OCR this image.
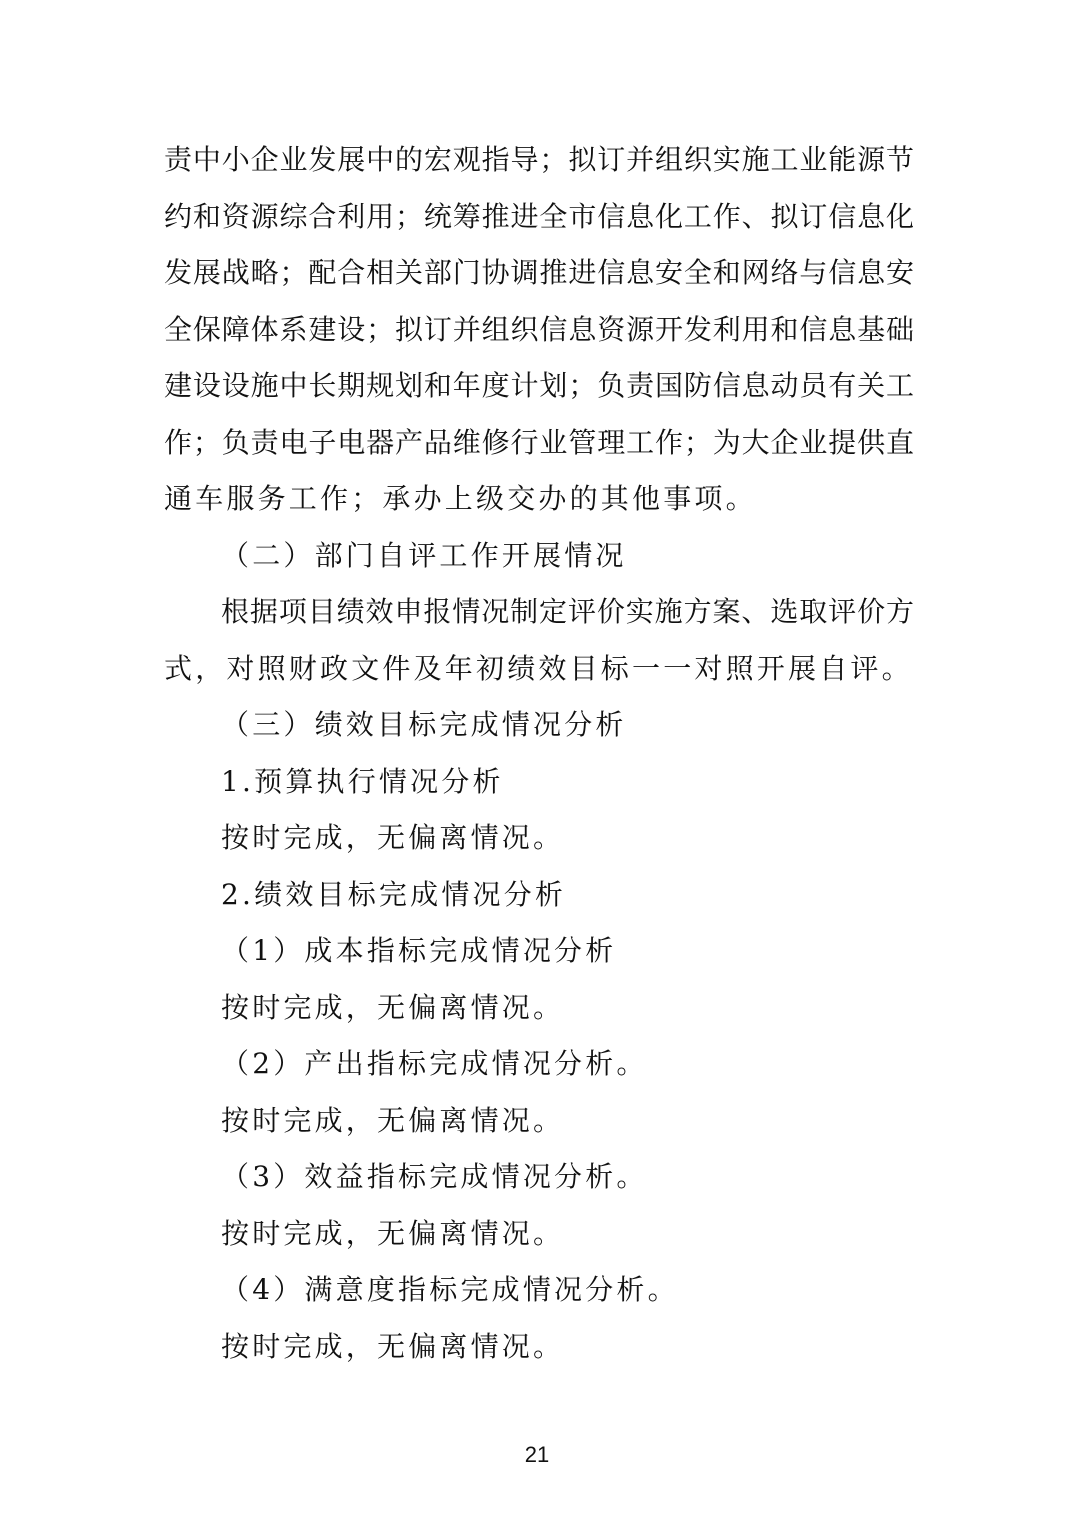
责中小企业发展中的宏观指导；拟订并组织实施工业能源节
约和资源综合利用；统筹推进全市信息化工作、拟订信息化
发展战略；配合相关部门协调推进信息安全和网络与信息安
全保障体系建设；拟订并组织信息资源开发利用和信息基础
建设设施中长期规划和年度计划；负责国防信息动员有关工
作；负责电子电器产品维修行业管理工作；为大企业提供直
通车服务工作；承办上级交办的其他事项。
（二）部门自评工作开展情况
根据项目绩效申报情况制定评价实施方案、选取评价方
式，对照财政文件及年初绩效目标一一对照开展自评。
（三）绩效目标完成情况分析
1.预算执行情况分析
按时完成，无偏离情况。
2.绩效目标完成情况分析
（1）成本指标完成情况分析
按时完成，无偏离情况。
（2）产出指标完成情况分析。
按时完成，无偏离情况。
（3）效益指标完成情况分析。
按时完成，无偏离情况。
（4）满意度指标完成情况分析。
按时完成，无偏离情况。
21
